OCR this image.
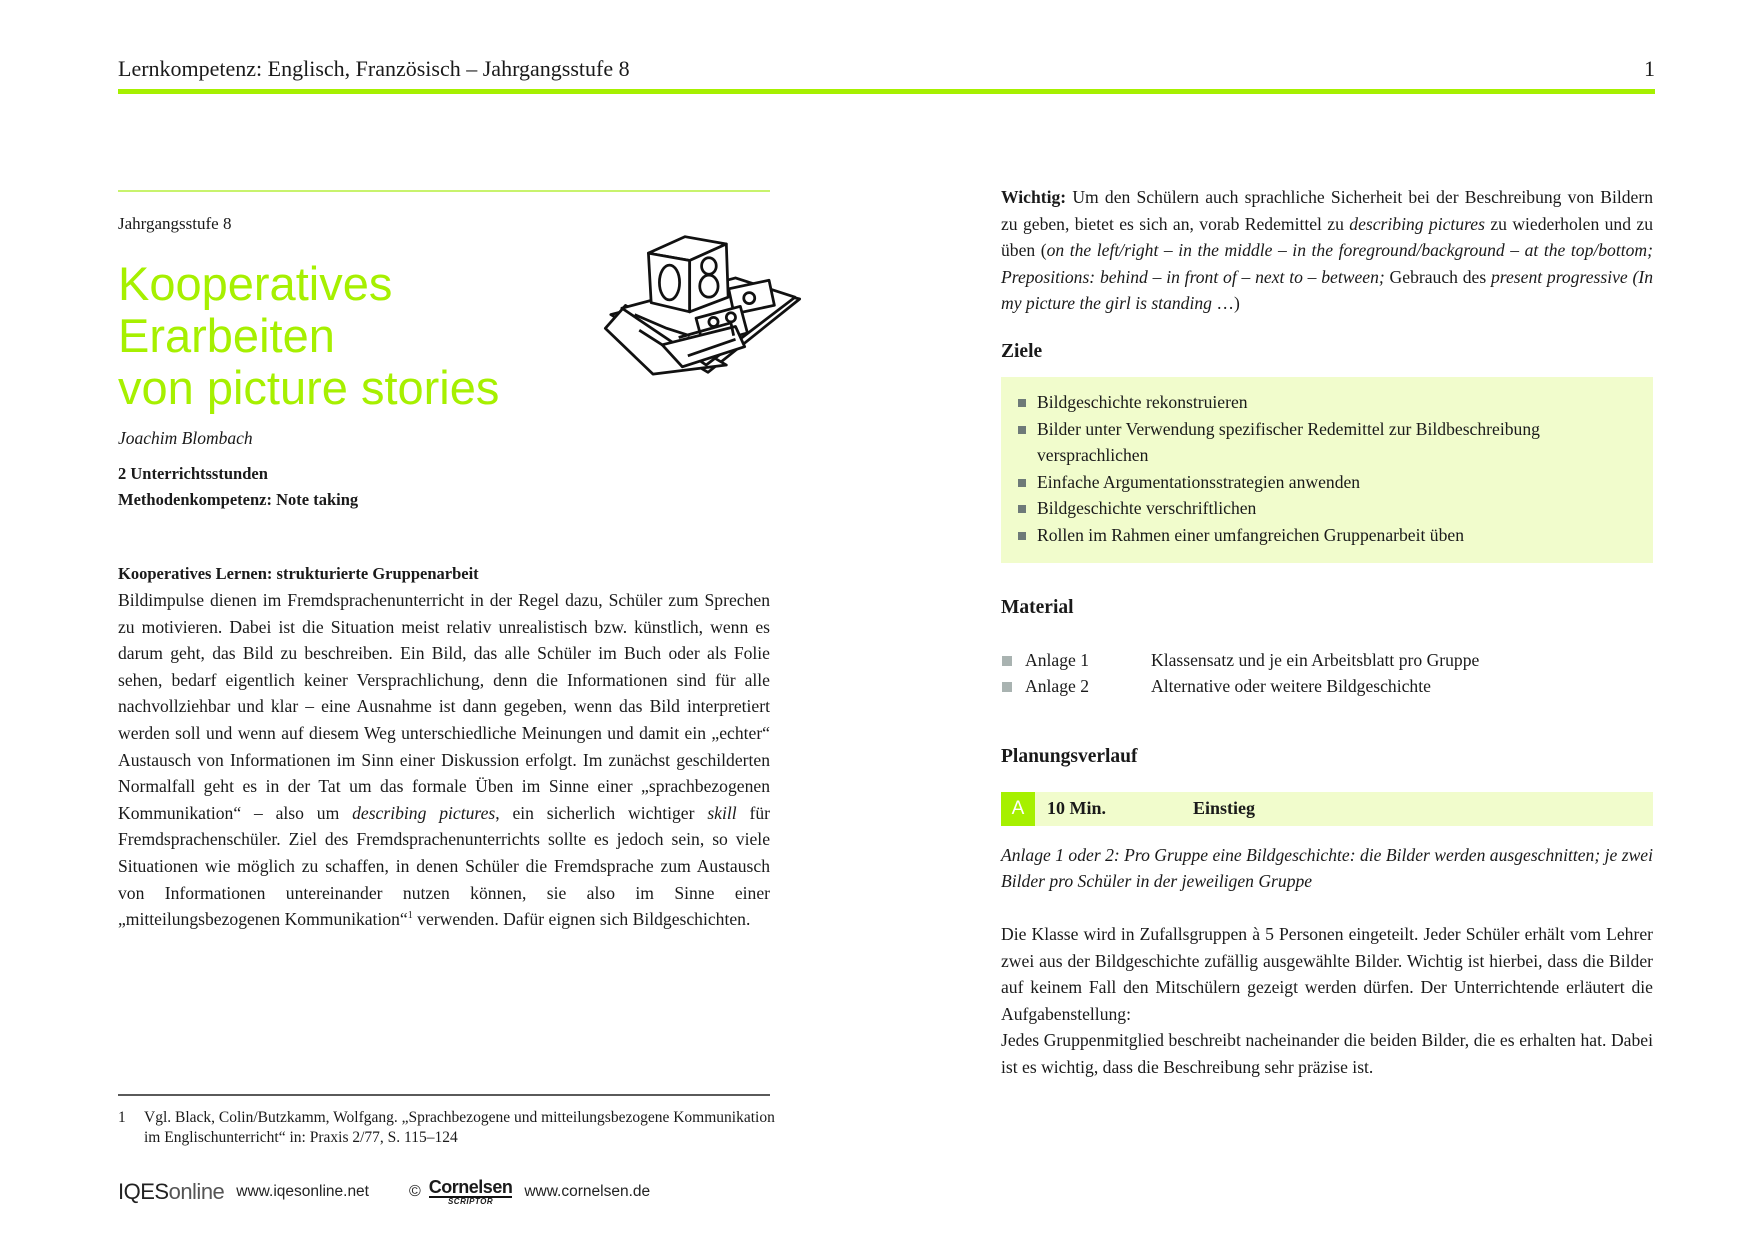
Lernkompetenz: Englisch, Französisch – Jahrgangsstufe 8	1
Jahrgangsstufe 8
Kooperatives
Erarbeiten
von picture stories
Joachim Blombach
2 Unterrichtsstunden
Methodenkompetenz: Note taking
Kooperatives Lernen: strukturierte Gruppenarbeit
Bildimpulse dienen im Fremdsprachenunterricht in der Regel dazu, Schüler zum Sprechen zu motivieren. Dabei ist die Situation meist relativ unrealistisch bzw. künstlich, wenn es darum geht, das Bild zu beschreiben. Ein Bild, das alle Schüler im Buch oder als Folie sehen, bedarf eigentlich keiner Versprachlichung, denn die Informationen sind für alle nachvollziehbar und klar – eine Ausnahme ist dann gegeben, wenn das Bild interpretiert werden soll und wenn auf diesem Weg unterschiedliche Meinungen und damit ein „echter“ Austausch von Informationen im Sinn einer Diskussion erfolgt. Im zunächst geschilderten Normalfall geht es in der Tat um das formale Üben im Sinne einer „sprachbezogenen Kommunikation“ – also um describing pictures, ein sicherlich wichtiger skill für Fremdsprachenschüler. Ziel des Fremdsprachenunterrichts sollte es jedoch sein, so viele Situationen wie möglich zu schaffen, in denen Schüler die Fremdsprache zum Austausch von Informationen untereinander nutzen können, sie also im Sinne einer „mitteilungsbezogenen Kommunikation“$^1$ verwenden. Dafür eignen sich Bildgeschichten.
1 Vgl. Black, Colin/Butzkamm, Wolfgang. „Sprachbezogene und mitteilungsbezogene Kommunikation im Englischunterricht“ in: Praxis 2/77, S. 115–124
IQESonline www.iqesonline.net	© Cornelsen
SCRIPTOR
www.cornelsen.de
Wichtig: Um den Schülern auch sprachliche Sicherheit bei der Beschreibung von Bildern zu geben, bietet es sich an, vorab Redemittel zu describing pictures zu wiederholen und zu üben (on the left/right – in the middle – in the foreground/background – at the top/bottom; Prepositions: behind – in front of – next to – between; Gebrauch des present progressive (In my picture the girl is standing …)
Ziele
Bildgeschichte rekonstruieren
Bilder unter Verwendung spezifischer Redemittel zur Bildbeschreibung versprachlichen
Einfache Argumentationsstrategien anwenden
Bildgeschichte verschriftlichen
Rollen im Rahmen einer umfangreichen Gruppenarbeit üben
Material
Anlage 1	Klassensatz und je ein Arbeitsblatt pro Gruppe
Anlage 2	Alternative oder weitere Bildgeschichte
Planungsverlauf
A	10 Min.	Einstieg
Anlage 1 oder 2: Pro Gruppe eine Bildgeschichte: die Bilder werden ausgeschnitten; je zwei Bilder pro Schüler in der jeweiligen Gruppe
Die Klasse wird in Zufallsgruppen à 5 Personen eingeteilt. Jeder Schüler erhält vom Lehrer zwei aus der Bildgeschichte zufällig ausgewählte Bilder. Wichtig ist hierbei, dass die Bilder auf keinem Fall den Mitschülern gezeigt werden dürfen. Der Unterrichtende erläutert die Aufgabenstellung:
Jedes Gruppenmitglied beschreibt nacheinander die beiden Bilder, die es erhalten hat. Dabei ist es wichtig, dass die Beschreibung sehr präzise ist.
